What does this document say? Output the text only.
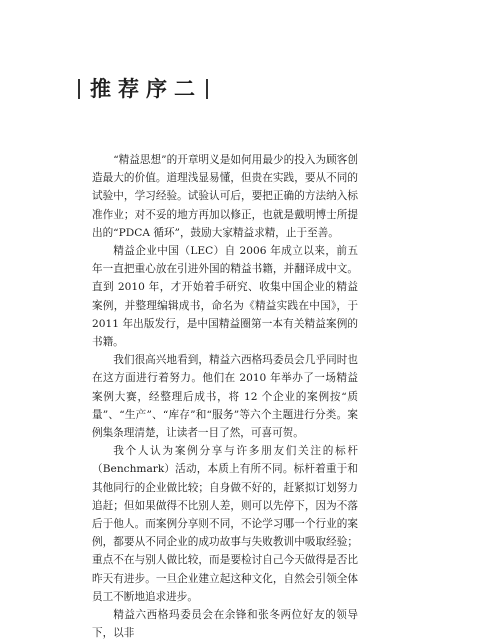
推荐序二

“精益思想”的开章明义是如何用最少的投入为顾客创造最大的价值。道理浅显易懂，但贵在实践，要从不同的试验中，学习经验。试验认可后，要把正确的方法纳入标准作业；对不妥的地方再加以修正，也就是戴明博士所提出的“PDCA 循环”，鼓励大家精益求精，止于至善。

精益企业中国（LEC）自 2006 年成立以来，前五年一直把重心放在引进外国的精益书籍，并翻译成中文。直到 2010 年，才开始着手研究、收集中国企业的精益案例，并整理编辑成书，命名为《精益实践在中国》，于 2011 年出版发行，是中国精益圈第一本有关精益案例的书籍。

我们很高兴地看到，精益六西格玛委员会几乎同时也在这方面进行着努力。他们在 2010 年举办了一场精益案例大赛，经整理后成书，将 12 个企业的案例按“质量”、“生产”、“库存”和“服务”等六个主题进行分类。案例集条理清楚，让读者一目了然，可喜可贺。

我个人认为案例分享与许多朋友们关注的标杆（Benchmark）活动，本质上有所不同。标杆着重于和其他同行的企业做比较；自身做不好的，赶紧拟订划努力追赶；但如果做得不比别人差，则可以先停下，因为不落后于他人。而案例分享则不同，不论学习哪一个行业的案例，都要从不同企业的成功故事与失败教训中吸取经验；重点不在与别人做比较，而是要检讨自己今天做得是否比昨天有进步。一旦企业建立起这种文化，自然会引领全体员工不断地追求进步。

精益六西格玛委员会在余锋和张冬两位好友的领导下，以非
